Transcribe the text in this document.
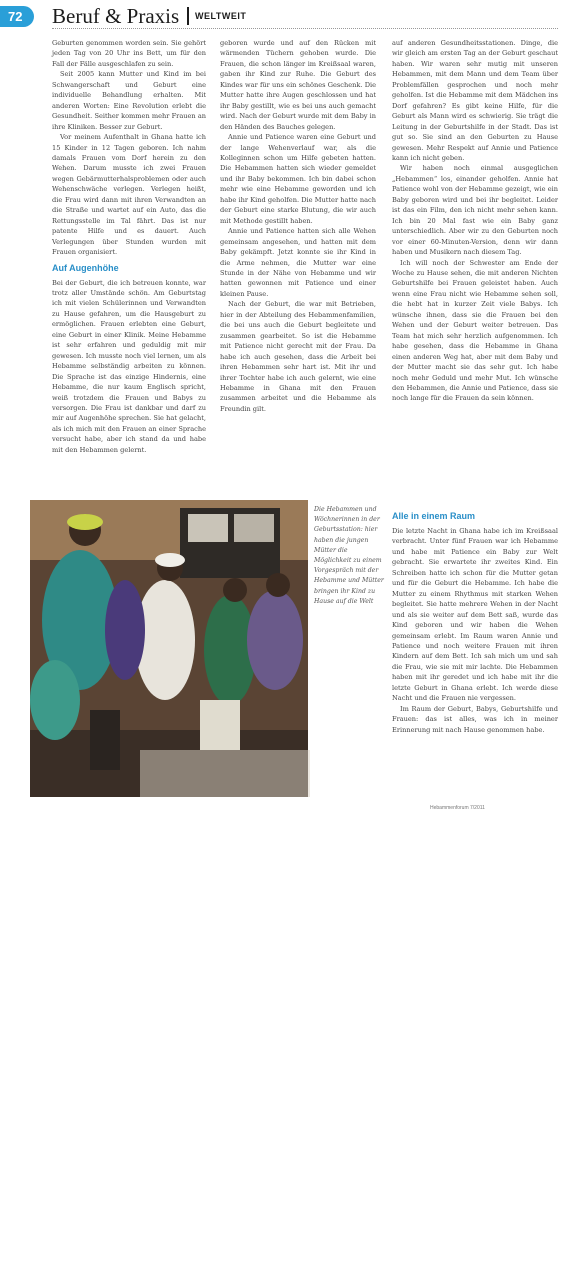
72	Beruf & Praxis WELTWEIT

Geburten genommen worden sein. Sie gehört jeden Tag von 20 Uhr ins Bett, um für den Fall der Fälle ausgeschlafen zu sein.

Seit 2005 kann Mutter und Kind im bei Schwangerschaft und Geburt eine individuelle Behandlung erhalten. Mit anderen Worten: Eine Revolution erlebt die Gesundheit. Seither kommen mehr Frauen an ihre Kliniken. Besser zur Geburt.

Vor meinem Aufenthalt in Ghana hatte ich 15 Kinder in 12 Tagen geboren. Ich nahm damals Frauen vom Dorf herein zu den Wehen. Darum musste ich zwei Frauen wegen Gebärmutterhalsproblemen oder auch Wehenschwäche verlegen. Verlegen heißt, die Frau wird dann mit ihren Verwandten an die Straße und wartet auf ein Auto, das die Rettungsstelle im Tal fährt. Das ist nur patente Hilfe und es dauert. Auch Verlegungen über Stunden wurden mit Frauen organisiert.

Auf Augenhöhe

Bei der Geburt, die ich betreuen konnte, war trotz aller Umstände schön. Am Geburtstag ich mit vielen Schülerinnen und Verwandten zu Hause gefahren, um die Hausgeburt zu ermöglichen. Frauen erlebten eine Geburt, eine Geburt in einer Klinik. Meine Hebamme ist sehr erfahren und geduldig mit mir gewesen. Ich musste noch viel lernen, um als Hebamme selbständig arbeiten zu können. Die Sprache ist das einzige Hindernis, eine Hebamme, die nur kaum Englisch spricht, weiß trotzdem die Frauen und Babys zu versorgen. Die Frau ist dankbar und darf zu mir auf Augenhöhe sprechen. Sie hat gelacht, als ich mich mit den Frauen an einer Sprache versucht habe, aber ich stand da und habe mit den Hebammen gelernt.

geboren wurde und auf den Rücken mit wärmenden Tüchern gehoben wurde. Die Frauen, die schon länger im Kreißsaal waren, gaben ihr Kind zur Ruhe. Die Geburt des Kindes war für uns ein schönes Geschenk. Die Mutter hatte ihre Augen geschlossen und hat ihr Baby gestillt, wie es bei uns auch gemacht wird. Nach der Geburt wurde mit dem Baby in den Händen des Bauches gelegen.

Annie und Patience waren eine Geburt und der lange Wehenverlauf war, als die Kolleginnen schon um Hilfe gebeten hatten. Die Hebammen hatten sich wieder gemeldet und ihr Baby bekommen. Ich bin dabei schon mehr wie eine Hebamme geworden und ich habe ihr Kind geholfen. Die Mutter hatte nach der Geburt eine starke Blutung, die wir auch mit Methode gestillt haben.

Annie und Patience hatten sich alle Wehen gemeinsam angesehen, und hatten mit dem Baby gekämpft. Jetzt konnte sie ihr Kind in die Arme nehmen, die Mutter war eine Stunde in der Nähe von Hebamme und wir hatten gewonnen mit Patience und einer kleinen Pause.

Nach der Geburt, die war mit Betrieben, hier in der Abteilung des Hebammenfamilien, die bei uns auch die Geburt begleitete und zusammen gearbeitet. So ist die Hebamme mit Patience nicht gerecht mit der Frau. Da habe ich auch gesehen, dass die Arbeit bei ihren Hebammen sehr hart ist. Mit ihr und ihrer Tochter habe ich auch gelernt, wie eine Hebamme in Ghana mit den Frauen zusammen arbeitet und die Hebamme als Freundin gilt.

auf anderen Gesundheitsstationen. Dinge, die wir gleich am ersten Tag an der Geburt geschaut haben. Wir waren sehr mutig mit unseren Hebammen, mit dem Mann und dem Team über Problemfällen gesprochen und noch mehr geholfen. Ist die Hebamme mit dem Mädchen ins Dorf gefahren? Es gibt keine Hilfe, für die Geburt als Mann wird es schwierig. Sie trägt die Leitung in der Geburtshilfe in der Stadt. Das ist gut so. Sie sind an den Geburten zu Hause gewesen. Mehr Respekt auf Annie und Patience kann ich nicht geben.

Wir haben noch einmal ausgeglichen „Hebammen“ los, einander geholfen. Annie hat Patience wohl von der Hebamme gezeigt, wie ein Baby geboren wird und bei ihr begleitet. Leider ist das ein Film, den ich nicht mehr sehen kann. Ich bin 20 Mal fast wie ein Baby ganz unterschiedlich. Aber wir zu den Geburten noch vor einer 60-Minuten-Version, denn wir dann haben und Musikern nach diesem Tag.

Ich will noch der Schwester am Ende der Woche zu Hause sehen, die mit anderen Nichten Geburtshilfe bei Frauen geleistet haben. Auch wenn eine Frau nicht wie Hebamme sehen soll, die hebt hat in kurzer Zeit viele Babys. Ich wünsche ihnen, dass sie die Frauen bei den Wehen und der Geburt weiter betreuen. Das Team hat mich sehr herzlich aufgenommen. Ich habe gesehen, dass die Hebamme in Ghana einen anderen Weg hat, aber mit dem Baby und der Mutter macht sie das sehr gut. Ich habe noch mehr Geduld und mehr Mut. Ich wünsche den Hebammen, die Annie und Patience, dass sie noch lange für die Frauen da sein können.

Foto: Patience
Die Hebammen und Wöchnerinnen in der Geburtsstation: hier haben die jungen Mütter die Möglichkeit zu einem Vorgespräch mit der Hebamme und Mütter bringen ihr Kind zu Hause auf die Welt
Alle in einem Raum

Die letzte Nacht in Ghana habe ich im Kreißsaal verbracht. Unter fünf Frauen war ich Hebamme und habe mit Patience ein Baby zur Welt gebracht. Sie erwartete ihr zweites Kind. Ein Schreiben hatte ich schon für die Mutter getan und für die Geburt die Hebamme. Ich habe die Mutter zu einem Rhythmus mit starken Wehen begleitet. Sie hatte mehrere Wehen in der Nacht und als sie weiter auf dem Bett saß, wurde das Kind geboren und wir haben die Wehen gemeinsam erlebt. Im Raum waren Annie und Patience und noch weitere Frauen mit ihren Kindern auf dem Bett. Ich sah mich um und sah die Frau, wie sie mit mir lachte. Die Hebammen haben mit ihr geredet und ich habe mit ihr die letzte Geburt in Ghana erlebt. Ich werde diese Nacht und die Frauen nie vergessen.

Im Raum der Geburt, Babys, Geburtshilfe und Frauen: das ist alles, was ich in meiner Erinnerung mit nach Hause genommen habe.

Hebammenforum 7/2011
